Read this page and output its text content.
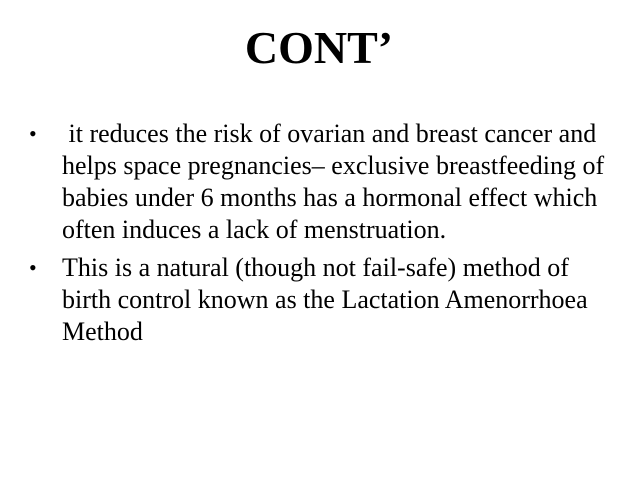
CONT’
• it reduces the risk of ovarian and breast cancer and helps space pregnancies– exclusive breastfeeding of babies under 6 months has a hormonal effect which often induces a lack of menstruation.
• This is a natural (though not fail-safe) method of birth control known as the Lactation Amenorrhoea Method
